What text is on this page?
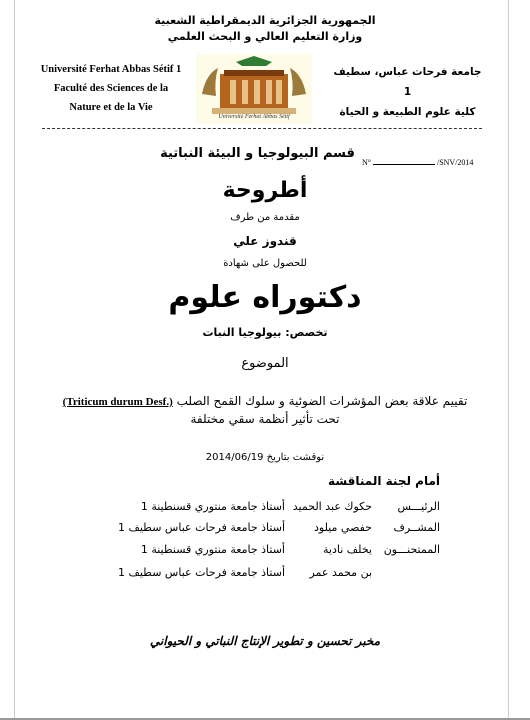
الجمهورية الجزائرية الديمقراطية الشعبية
وزارة التعليم العالي و البحث العلمي
Université Ferhat Abbas Sétif 1
Faculté des Sciences de la
Nature et de la Vie
جامعة فرحات عباس، سطيف 1
كلية علوم الطبيعة و الحياة
Université Ferhat Abbas Sétif
قسم البيولوجيا و البيئة النباتية
N°	/SNV/2014
أطروحة
مقدمة من طرف
قندوز علي
للحصول على شهادة
دكتوراه علوم
تخصص: بيولوجيا النبات
الموضوع
(Triticum durum Desf.) تقييم علاقة بعض المؤشرات الضوئية و سلوك القمح الصلب
تحت تأثير أنظمة سقي مختلفة
نوقشت بتاريخ 2014/06/19
أمام لجنة المناقشة
الرئيـــس
حكوك عبد الحميد
أستاذ جامعة منتوري قسنطينة 1
المشــرف
حفصي ميلود
أستاذ جامعة فرحات عباس سطيف 1
الممتحنـــون
يخلف نادية
أستاذ جامعة منتوري قسنطينة 1
بن محمد عمر
أستاذ جامعة فرحات عباس سطيف 1
مخبر تحسين و تطوير الإنتاج النباتي و الحيواني
